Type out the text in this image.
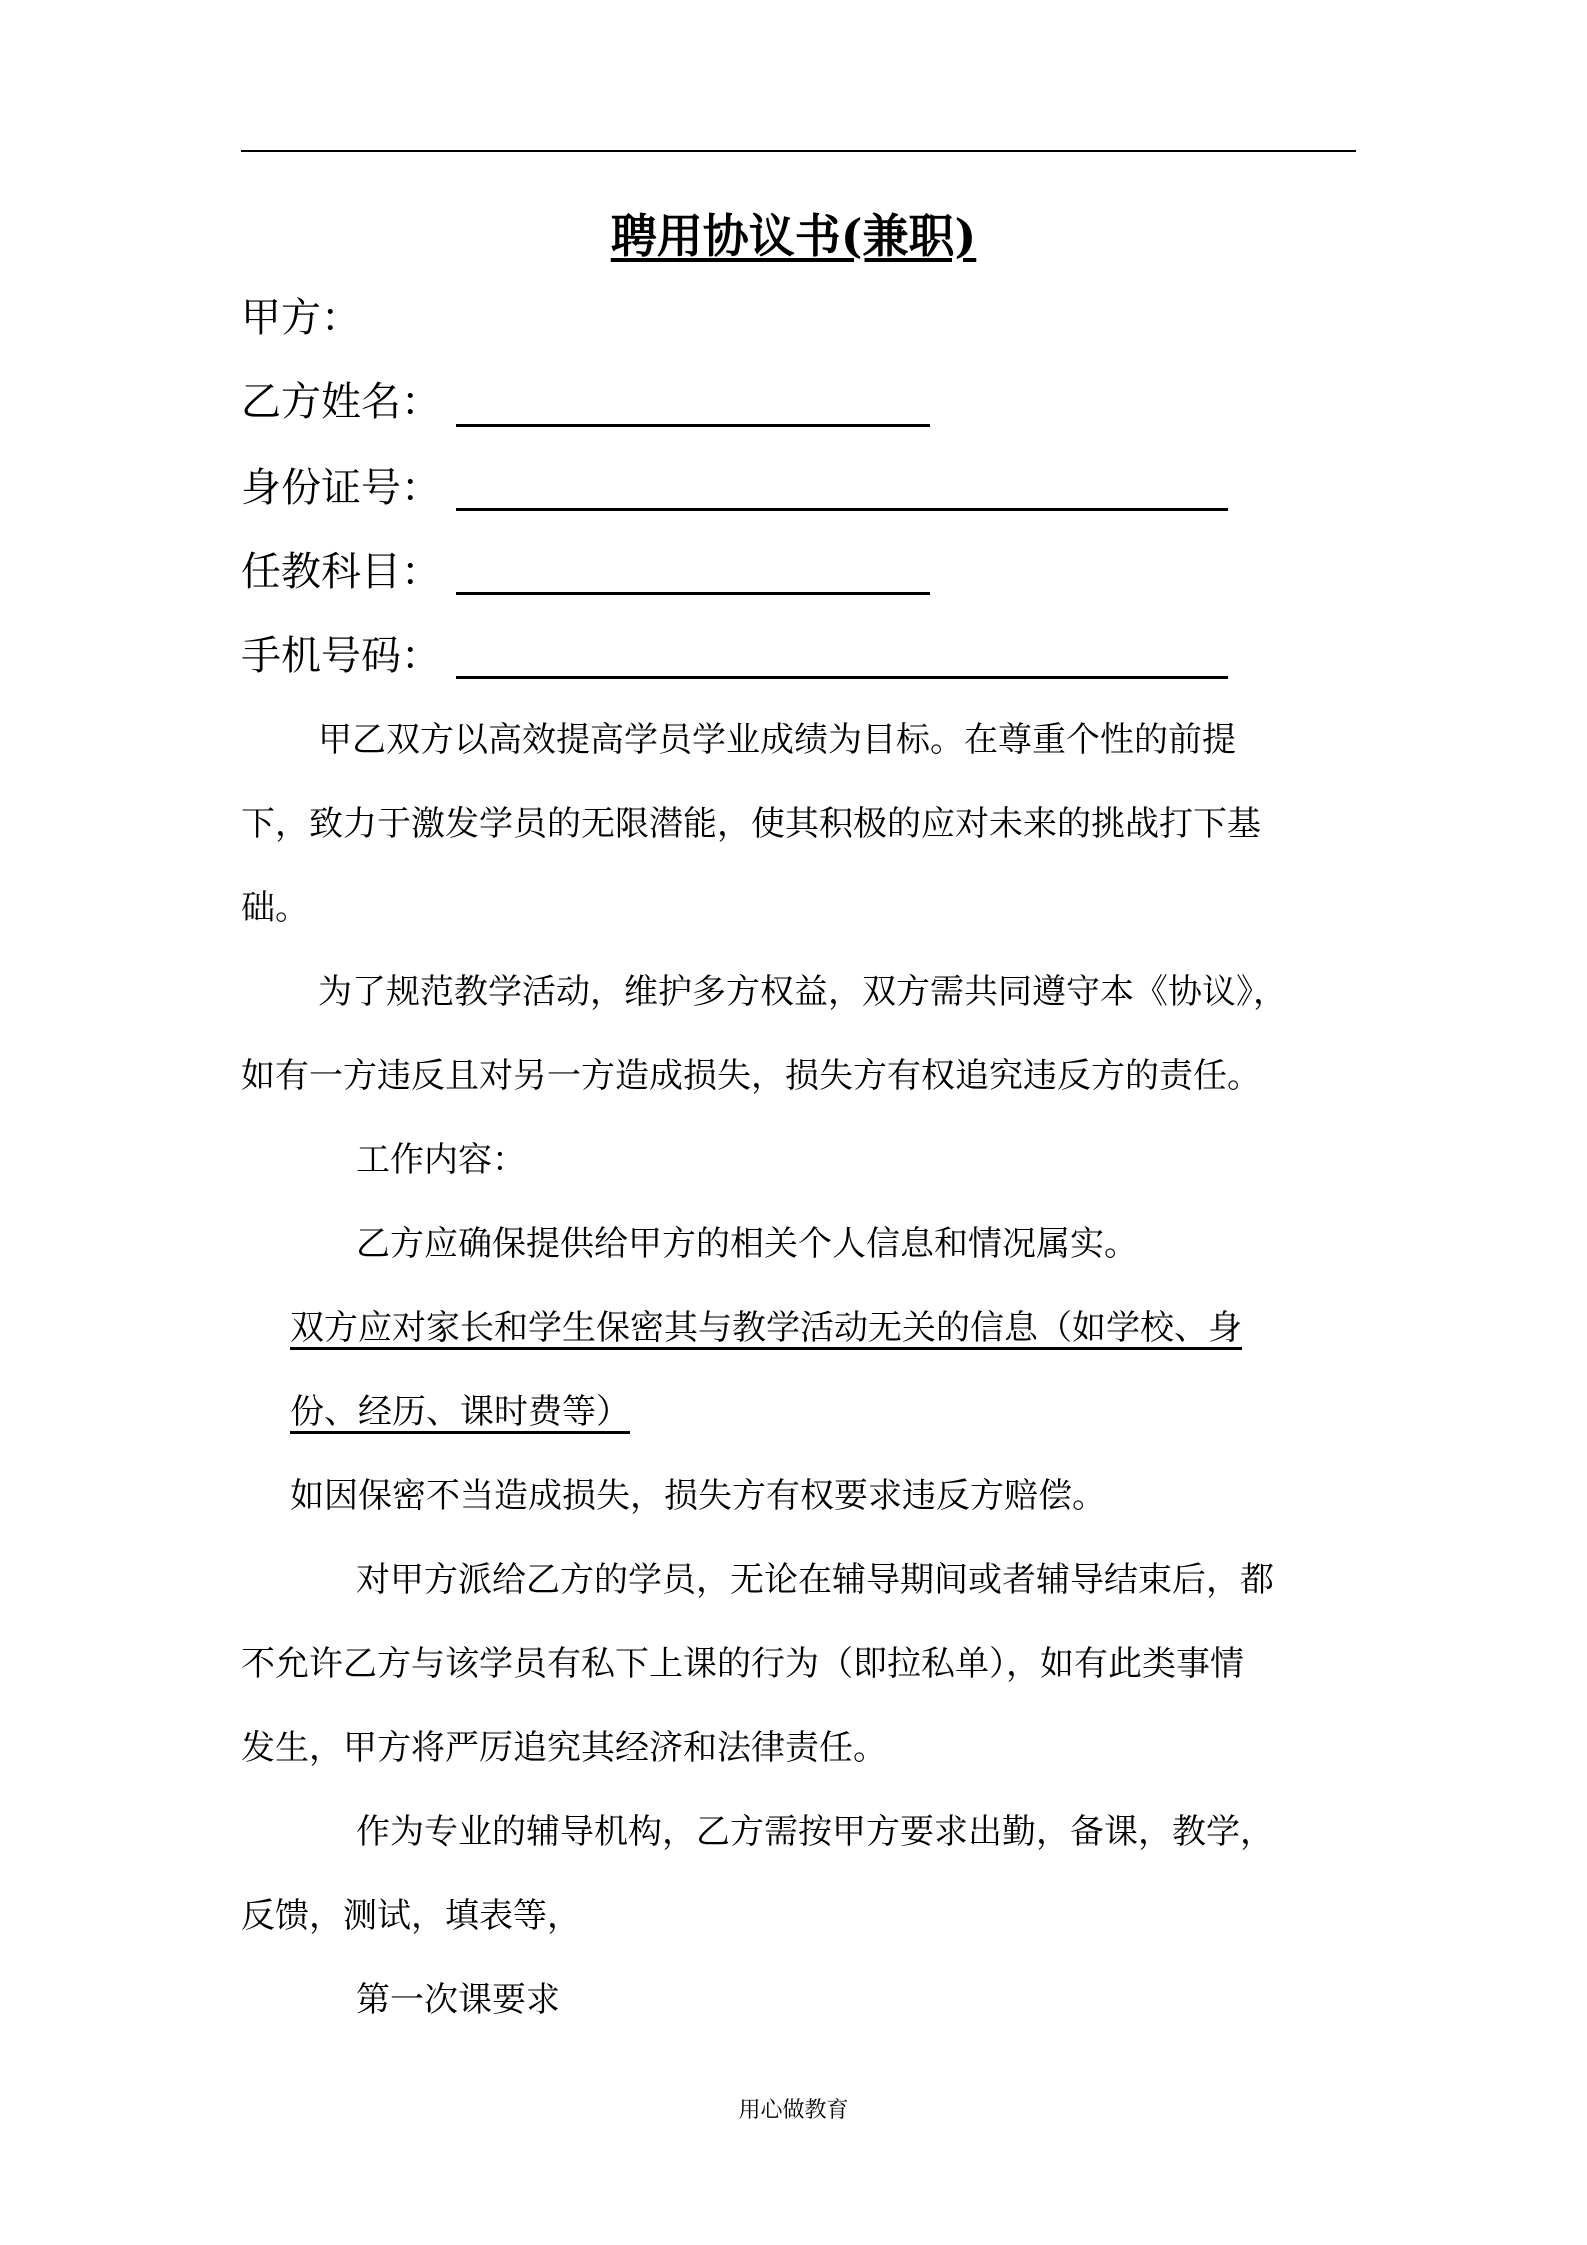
聘用协议书(兼职)
甲方：
乙方姓名：
身份证号：
任教科目：
手机号码：
甲乙双方以高效提高学员学业成绩为目标。在尊重个性的前提
下，致力于激发学员的无限潜能，使其积极的应对未来的挑战打下基
础。
为了规范教学活动，维护多方权益，双方需共同遵守本《协议》，
如有一方违反且对另一方造成损失，损失方有权追究违反方的责任。
工作内容：
乙方应确保提供给甲方的相关个人信息和情况属实。
双方应对家长和学生保密其与教学活动无关的信息（如学校、身
份、经历、课时费等）
如因保密不当造成损失，损失方有权要求违反方赔偿。
对甲方派给乙方的学员，无论在辅导期间或者辅导结束后，都
不允许乙方与该学员有私下上课的行为（即拉私单），如有此类事情
发生，甲方将严厉追究其经济和法律责任。
作为专业的辅导机构，乙方需按甲方要求出勤，备课，教学，
反馈，测试，填表等，
第一次课要求
用心做教育
